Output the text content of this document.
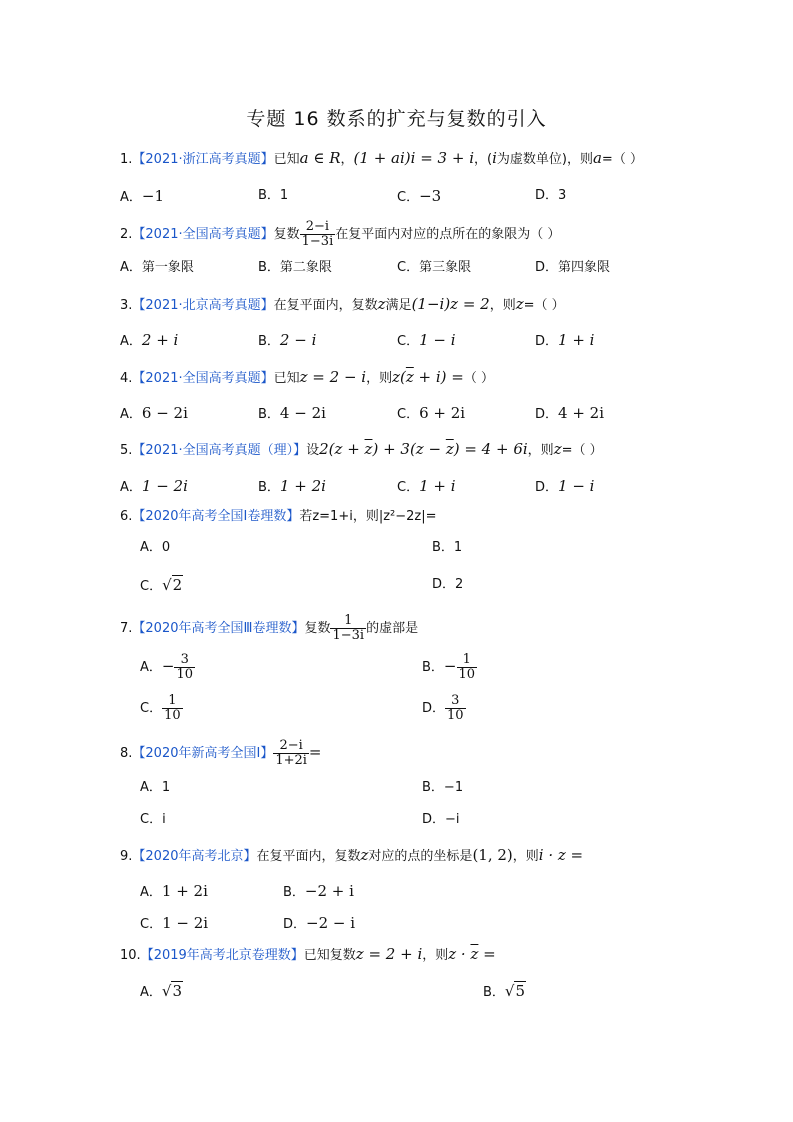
专题 16 数系的扩充与复数的引入
1.【2021·浙江高考真题】已知a ∈ R，(1 + ai)i = 3 + i，(i为虚数单位)，则a=（ ）
A．−1	B．1	C．−3	D．3
2.【2021·全国高考真题】复数 $\frac{2-i}{1-3i}$ 在复平面内对应的点所在的象限为（ ）
A．第一象限	B．第二象限	C．第三象限	D．第四象限
3.【2021·北京高考真题】在复平面内，复数z满足(1−i)z = 2，则z=（ ）
A．2 + i	B．2 − i	C．1 − i	D．1 + i
4.【2021·全国高考真题】已知z = 2 − i，则$z(\overline{z} + i)$ =（ ）
A．6 − 2i	B．4 − 2i	C．6 + 2i	D．4 + 2i
5.【2021·全国高考真题（理）】设$2(z + \overline{z}) + 3(z - \overline{z}) = 4 + 6i$，则z=（ ）
A．1 − 2i	B．1 + 2i	C．1 + i	D．1 − i
6.【2020年高考全国Ⅰ卷理数】若z=1+i，则|z²−2z|=
A．0	B．1
C．√2	D．2
7.【2020年高考全国Ⅲ卷理数】复数 $\frac{1}{1-3i}$ 的虚部是
A．− $\frac{3}{10}$	B．− $\frac{1}{10}$
C． $\frac{1}{10}$	D． $\frac{3}{10}$
8.【2020年新高考全国Ⅰ】 $\frac{2-i}{1+2i}$ =
A．1	B．−1
C．i	D．−i
9.【2020年高考北京】在复平面内，复数z对应的点的坐标是(1, 2)，则i · z =
A．1 + 2i	B．−2 + i
C．1 − 2i	D．−2 − i
10.【2019年高考北京卷理数】已知复数z = 2 + i，则$z \cdot \overline{z}$ =
A．√3	B．√5
